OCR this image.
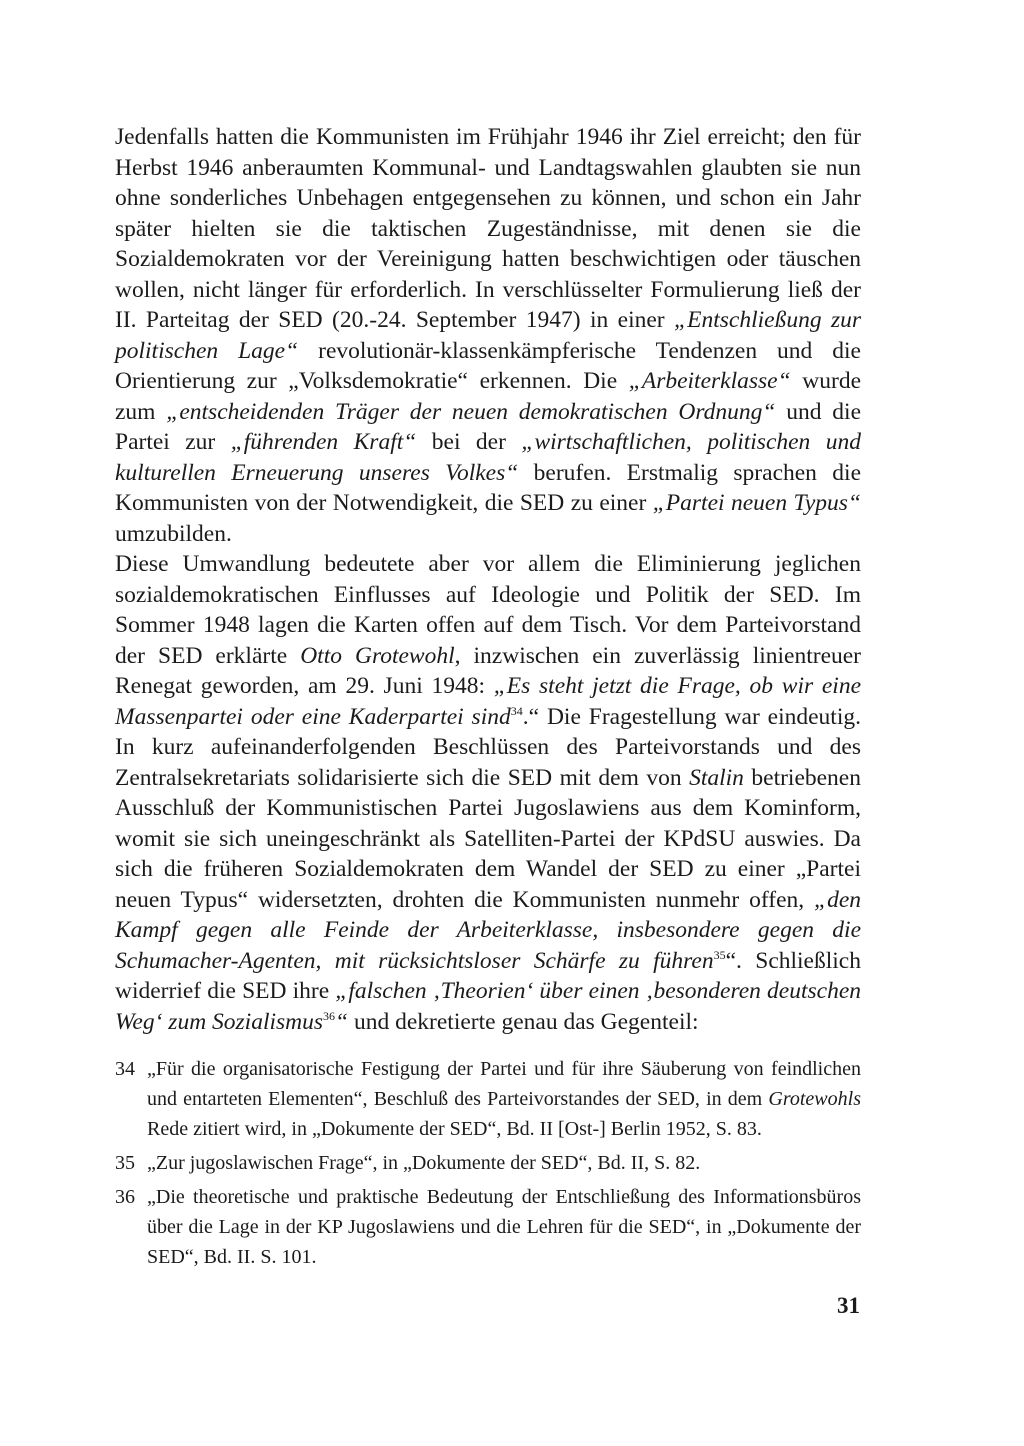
Jedenfalls hatten die Kommunisten im Frühjahr 1946 ihr Ziel erreicht; den für Herbst 1946 anberaumten Kommunal- und Landtagswahlen glaubten sie nun ohne sonderliches Unbehagen entgegensehen zu können, und schon ein Jahr später hielten sie die taktischen Zugeständnisse, mit denen sie die Sozialdemokraten vor der Vereinigung hatten beschwichtigen oder täuschen wollen, nicht länger für erforderlich. In verschlüsselter Formulierung ließ der II. Parteitag der SED (20.-24. September 1947) in einer „Entschließung zur politischen Lage“ revolutionär-klassenkämpferische Tendenzen und die Orientierung zur „Volksdemokratie“ erkennen. Die „Arbeiterklasse“ wurde zum „entscheidenden Träger der neuen demokratischen Ordnung“ und die Partei zur „führenden Kraft“ bei der „wirtschaftlichen, politischen und kulturellen Erneuerung unseres Volkes“ berufen. Erstmalig sprachen die Kommunisten von der Notwendigkeit, die SED zu einer „Partei neuen Typus“ umzubilden.

Diese Umwandlung bedeutete aber vor allem die Eliminierung jeglichen sozialdemokratischen Einflusses auf Ideologie und Politik der SED. Im Sommer 1948 lagen die Karten offen auf dem Tisch. Vor dem Parteivorstand der SED erklärte Otto Grotewohl, inzwischen ein zuverlässig linientreuer Renegat geworden, am 29. Juni 1948: „Es steht jetzt die Frage, ob wir eine Massenpartei oder eine Kaderpartei sind$^{34}$.“ Die Fragestellung war eindeutig. In kurz aufeinanderfolgenden Beschlüssen des Parteivorstands und des Zentralsekretariats solidarisierte sich die SED mit dem von Stalin betriebenen Ausschluß der Kommunistischen Partei Jugoslawiens aus dem Kominform, womit sie sich uneingeschränkt als Satelliten-Partei der KPdSU auswies. Da sich die früheren Sozialdemokraten dem Wandel der SED zu einer „Partei neuen Typus“ widersetzten, drohten die Kommunisten nunmehr offen, „den Kampf gegen alle Feinde der Arbeiterklasse, insbesondere gegen die Schumacher-Agenten, mit rücksichtsloser Schärfe zu führen$^{35}$“. Schließlich widerrief die SED ihre „falschen ‚Theorien‘ über einen ‚besonderen deutschen Weg‘ zum Sozialismus$^{36}$“ und dekretierte genau das Gegenteil:

34 „Für die organisatorische Festigung der Partei und für ihre Säuberung von feindlichen und entarteten Elementen“, Beschluß des Parteivorstandes der SED, in dem Grotewohls Rede zitiert wird, in „Dokumente der SED“, Bd. II [Ost-] Berlin 1952, S. 83.
35 „Zur jugoslawischen Frage“, in „Dokumente der SED“, Bd. II, S. 82.
36 „Die theoretische und praktische Bedeutung der Entschließung des Informationsbüros über die Lage in der KP Jugoslawiens und die Lehren für die SED“, in „Dokumente der SED“, Bd. II. S. 101.
31
